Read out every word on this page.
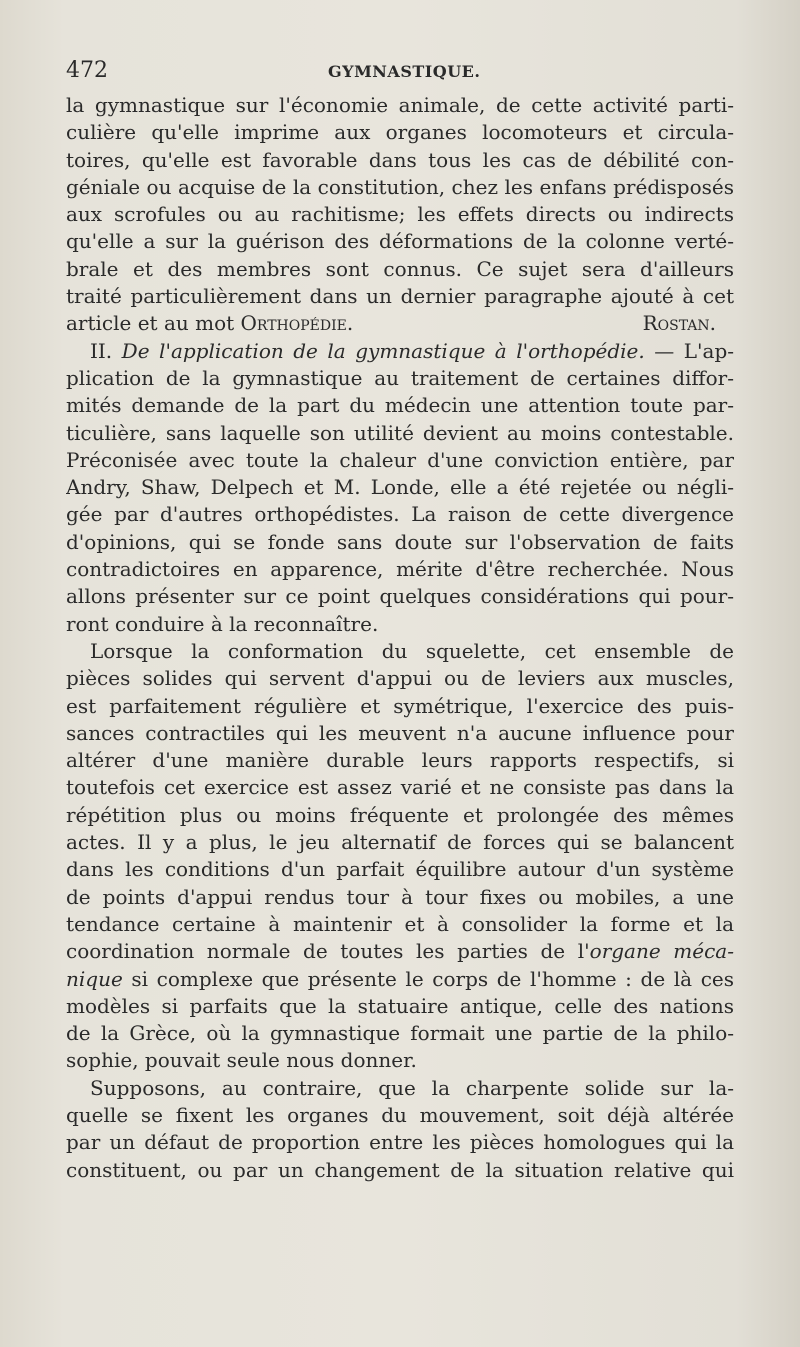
472	GYMNASTIQUE.
la gymnastique sur l'économie animale, de cette activité parti-
culière qu'elle imprime aux organes locomoteurs et circula-
toires, qu'elle est favorable dans tous les cas de débilité con-
géniale ou acquise de la constitution, chez les enfans prédisposés
aux scrofules ou au rachitisme; les effets directs ou indirects
qu'elle a sur la guérison des déformations de la colonne verté-
brale et des membres sont connus. Ce sujet sera d'ailleurs
traité particulièrement dans un dernier paragraphe ajouté à cet
article et au mot Orthopédie.	Rostan.
II. De l'application de la gymnastique à l'orthopédie. — L'ap-
plication de la gymnastique au traitement de certaines diffor-
mités demande de la part du médecin une attention toute par-
ticulière, sans laquelle son utilité devient au moins contestable.
Préconisée avec toute la chaleur d'une conviction entière, par
Andry, Shaw, Delpech et M. Londe, elle a été rejetée ou négli-
gée par d'autres orthopédistes. La raison de cette divergence
d'opinions, qui se fonde sans doute sur l'observation de faits
contradictoires en apparence, mérite d'être recherchée. Nous
allons présenter sur ce point quelques considérations qui pour-
ront conduire à la reconnaître.
Lorsque la conformation du squelette, cet ensemble de
pièces solides qui servent d'appui ou de leviers aux muscles,
est parfaitement régulière et symétrique, l'exercice des puis-
sances contractiles qui les meuvent n'a aucune influence pour
altérer d'une manière durable leurs rapports respectifs, si
toutefois cet exercice est assez varié et ne consiste pas dans la
répétition plus ou moins fréquente et prolongée des mêmes
actes. Il y a plus, le jeu alternatif de forces qui se balancent
dans les conditions d'un parfait équilibre autour d'un système
de points d'appui rendus tour à tour fixes ou mobiles, a une
tendance certaine à maintenir et à consolider la forme et la
coordination normale de toutes les parties de l'organe méca-
nique si complexe que présente le corps de l'homme : de là ces
modèles si parfaits que la statuaire antique, celle des nations
de la Grèce, où la gymnastique formait une partie de la philo-
sophie, pouvait seule nous donner.
Supposons, au contraire, que la charpente solide sur la-
quelle se fixent les organes du mouvement, soit déjà altérée
par un défaut de proportion entre les pièces homologues qui la
constituent, ou par un changement de la situation relative qui
